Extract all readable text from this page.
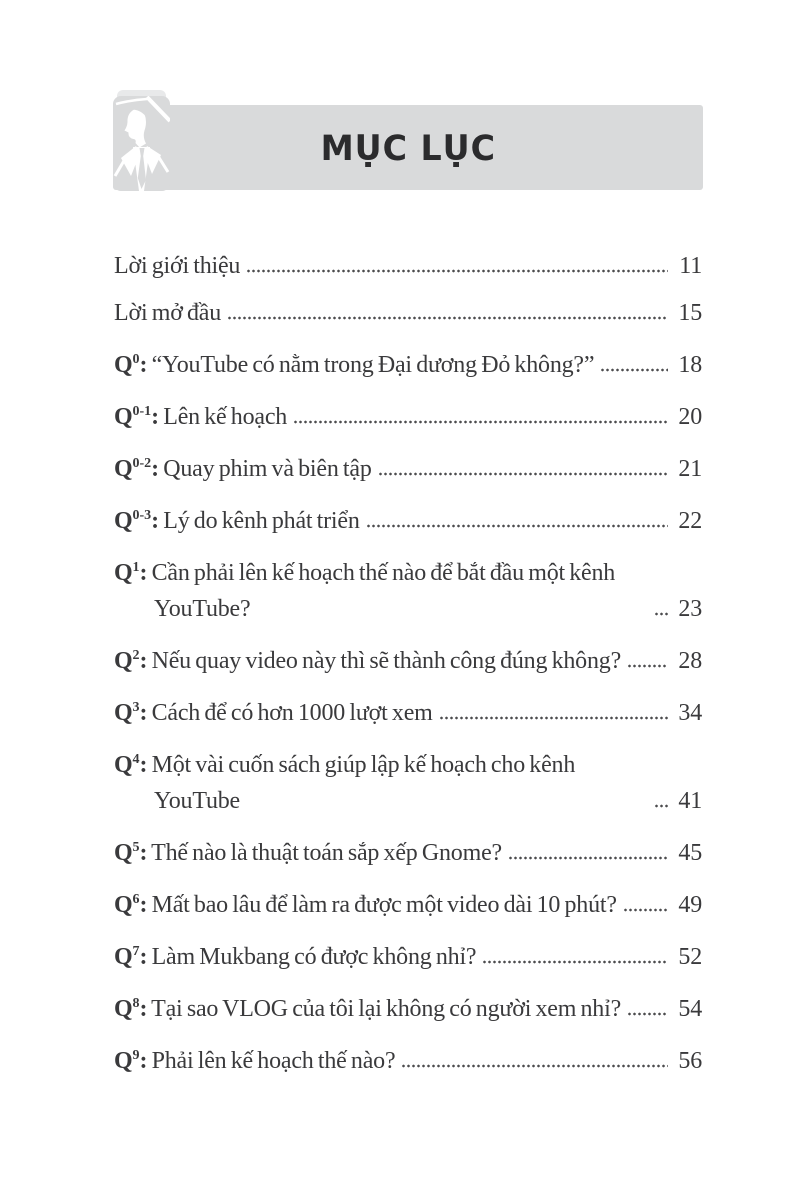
MỤC LỤC
Lời giới thiệu	11
Lời mở đầu	15
$Q^0$: “YouTube có nằm trong Đại dương Đỏ không?”	18
$Q^{0-1}$: Lên kế hoạch	20
$Q^{0-2}$: Quay phim và biên tập	21
$Q^{0-3}$: Lý do kênh phát triển	22
$Q^1$: Cần phải lên kế hoạch thế nào để bắt đầu một kênh YouTube?	23
$Q^2$: Nếu quay video này thì sẽ thành công đúng không? 28
$Q^3$: Cách để có hơn 1000 lượt xem	34
$Q^4$: Một vài cuốn sách giúp lập kế hoạch cho kênh YouTube	41
$Q^5$: Thế nào là thuật toán sắp xếp Gnome?	45
$Q^6$: Mất bao lâu để làm ra được một video dài 10 phút?	49
$Q^7$: Làm Mukbang có được không nhỉ?	52
$Q^8$: Tại sao VLOG của tôi lại không có người xem nhỉ? 54
$Q^9$: Phải lên kế hoạch thế nào?	56
